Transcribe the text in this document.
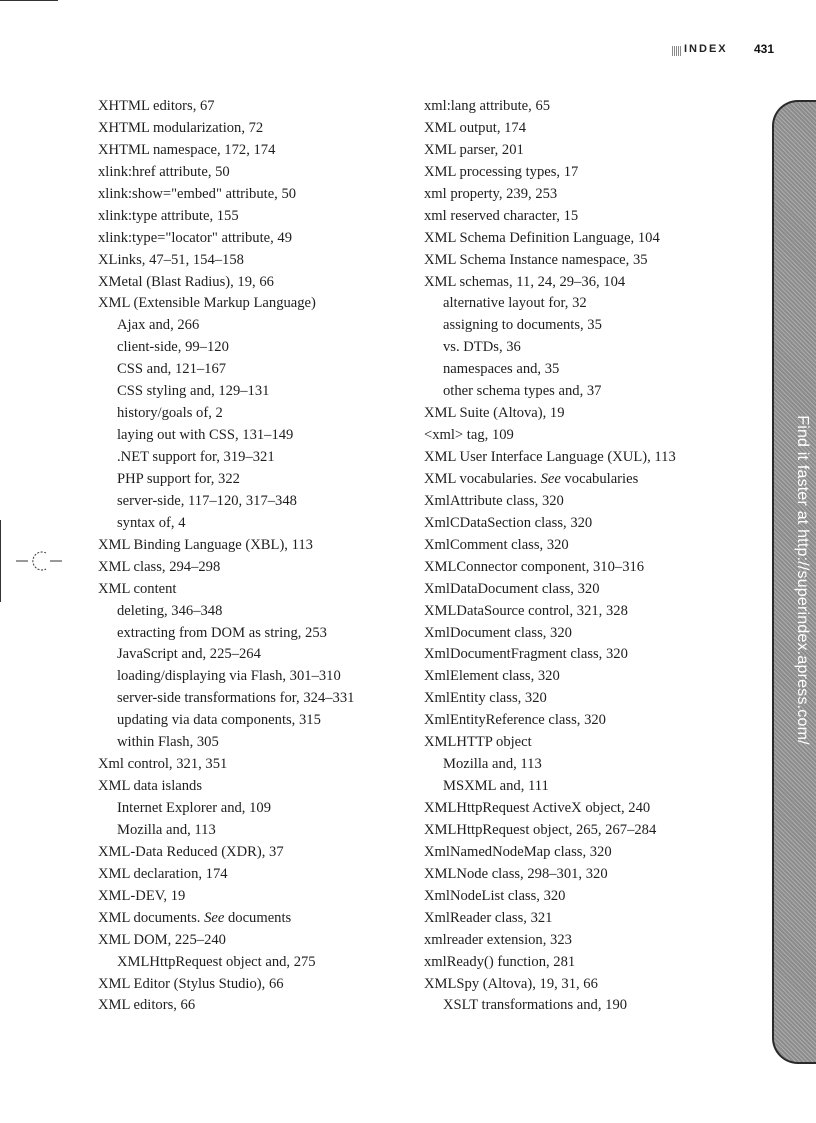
INDEX 431
XHTML editors, 67
XHTML modularization, 72
XHTML namespace, 172, 174
xlink:href attribute, 50
xlink:show="embed" attribute, 50
xlink:type attribute, 155
xlink:type="locator" attribute, 49
XLinks, 47–51, 154–158
XMetal (Blast Radius), 19, 66
XML (Extensible Markup Language)
Ajax and, 266
client-side, 99–120
CSS and, 121–167
CSS styling and, 129–131
history/goals of, 2
laying out with CSS, 131–149
.NET support for, 319–321
PHP support for, 322
server-side, 117–120, 317–348
syntax of, 4
XML Binding Language (XBL), 113
XML class, 294–298
XML content
deleting, 346–348
extracting from DOM as string, 253
JavaScript and, 225–264
loading/displaying via Flash, 301–310
server-side transformations for, 324–331
updating via data components, 315
within Flash, 305
Xml control, 321, 351
XML data islands
Internet Explorer and, 109
Mozilla and, 113
XML-Data Reduced (XDR), 37
XML declaration, 174
XML-DEV, 19
XML documents. See documents
XML DOM, 225–240
XMLHttpRequest object and, 275
XML Editor (Stylus Studio), 66
XML editors, 66
xml:lang attribute, 65
XML output, 174
XML parser, 201
XML processing types, 17
xml property, 239, 253
xml reserved character, 15
XML Schema Definition Language, 104
XML Schema Instance namespace, 35
XML schemas, 11, 24, 29–36, 104
alternative layout for, 32
assigning to documents, 35
vs. DTDs, 36
namespaces and, 35
other schema types and, 37
XML Suite (Altova), 19
<xml> tag, 109
XML User Interface Language (XUL), 113
XML vocabularies. See vocabularies
XmlAttribute class, 320
XmlCDataSection class, 320
XmlComment class, 320
XMLConnector component, 310–316
XmlDataDocument class, 320
XMLDataSource control, 321, 328
XmlDocument class, 320
XmlDocumentFragment class, 320
XmlElement class, 320
XmlEntity class, 320
XmlEntityReference class, 320
XMLHTTP object
Mozilla and, 113
MSXML and, 111
XMLHttpRequest ActiveX object, 240
XMLHttpRequest object, 265, 267–284
XmlNamedNodeMap class, 320
XMLNode class, 298–301, 320
XmlNodeList class, 320
XmlReader class, 321
xmlreader extension, 323
xmlReady() function, 281
XMLSpy (Altova), 19, 31, 66
XSLT transformations and, 190
Find it faster at http://superindex.apress.com/
